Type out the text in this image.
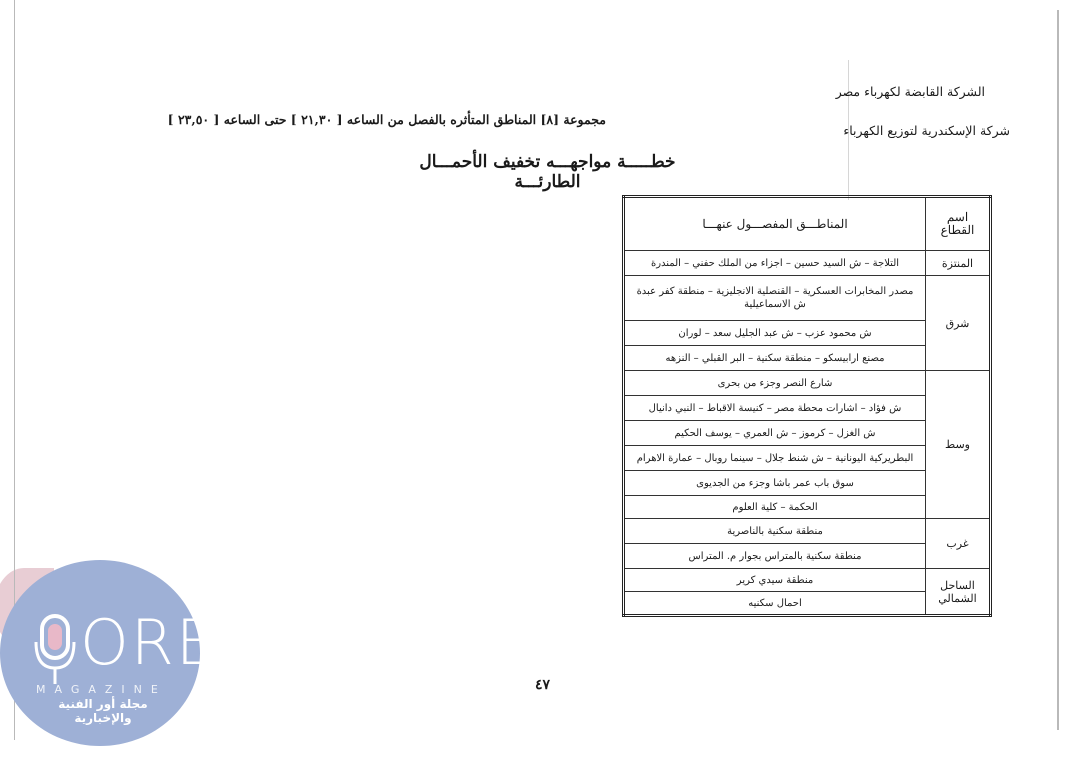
الشركة القابضة لكهرباء مصر
شركة الإسكندرية لتوزيع الكهرباء
مجموعة [٨] المناطق المتأثره بالفصل من الساعه [ ٢١,٣٠ ] حتى الساعه [ ٢٣,٥٠ ]
خطـــــة مواجهـــه تخفيف الأحمـــال الطارئـــة
اسم القطاع	المناطـــق المفصـــول عنهـــا
المنتزة	التلاجة – ش السيد حسين – اجزاء من الملك حفني – المندرة
شرق	مصدر المخابرات العسكرية – القنصلية الانجليزية – منطقة كفر عبدة ش الاسماعيلية
	ش محمود عزب – ش عبد الجليل سعد – لوران
	مصنع ارابيسكو – منطقة سكنية – البر القبلي – النزهه
وسط	شارع النصر وجزء من بحرى
	ش فؤاد – اشارات محطة مصر – كنيسة الاقباط – النبي دانيال
	ش الغزل – كرموز – ش العمري – يوسف الحكيم
	البطريركية اليونانية – ش شنط جلال – سينما روبال – عمارة الاهرام
	سوق باب عمر باشا وجزء من الجديوى
	الحكمة – كلية العلوم
غرب	منطقة سكنية بالناصرية
	منطقة سكنية بالمتراس بجوار م. المتراس
الساحل الشمالي	منطقة سيدي كرير
	احمال سكنيه
٤٧
ORE
MAGAZINE
مجلة أور الفنية والإخبارية
